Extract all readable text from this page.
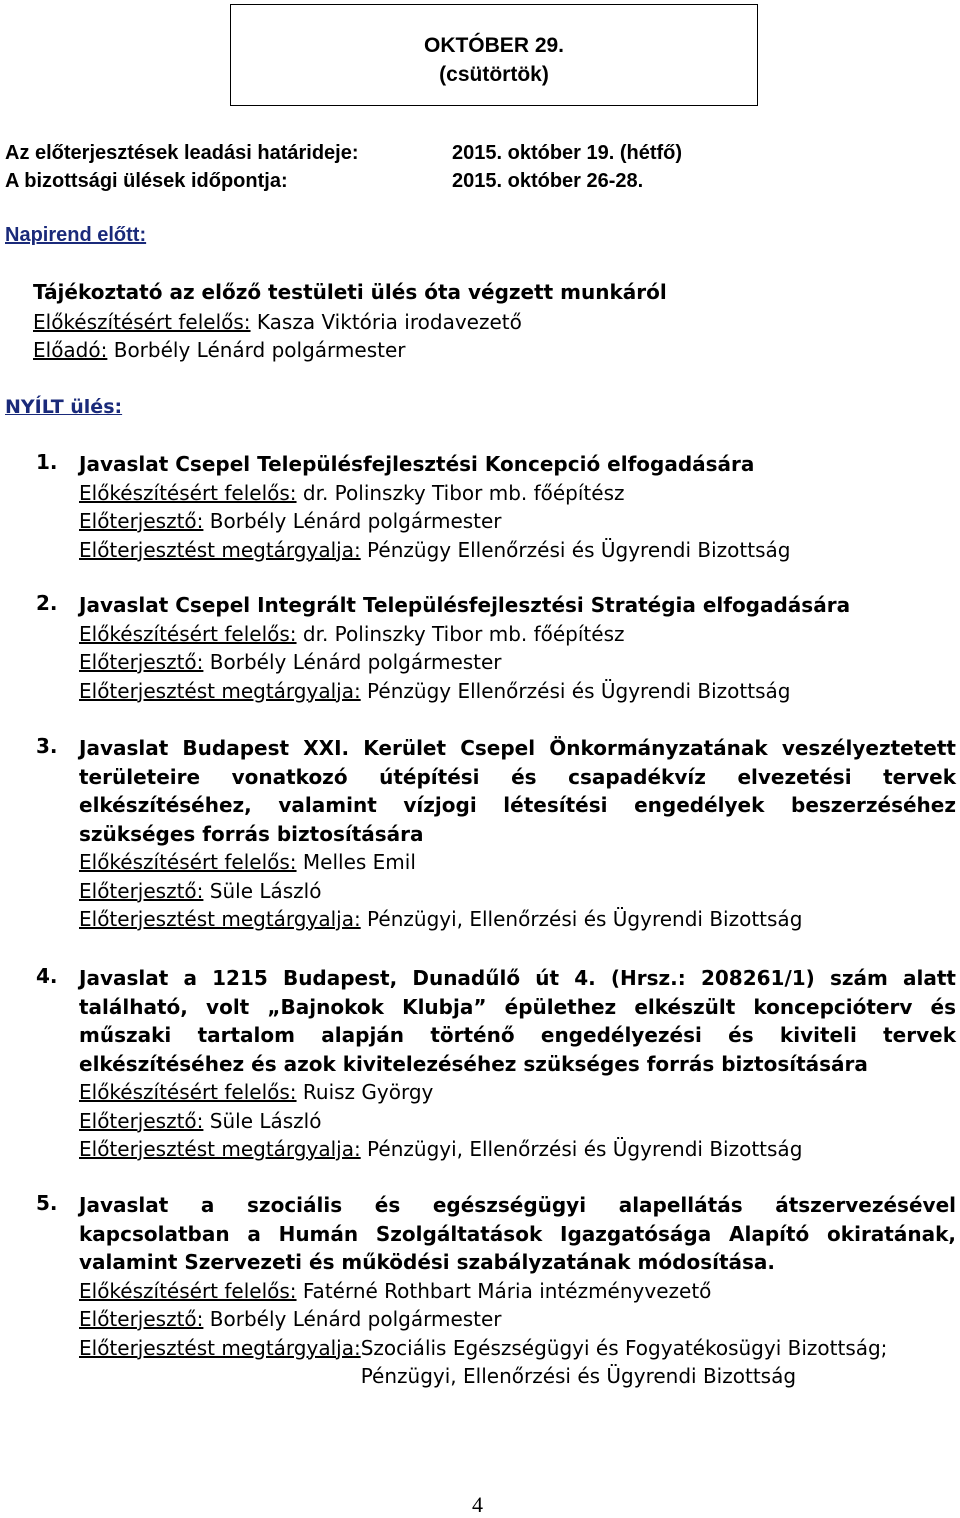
OKTÓBER 29.
(csütörtök)
Az előterjesztések leadási határideje:	2015. október 19. (hétfő)
A bizottsági ülések időpontja:	2015. október 26-28.
Napirend előtt:
Tájékoztató az előző testületi ülés óta végzett munkáról
Előkészítésért felelős: Kasza Viktória irodavezető
Előadó: Borbély Lénárd polgármester
NYÍLT ülés:
1. Javaslat Csepel Településfejlesztési Koncepció elfogadására
Előkészítésért felelős: dr. Polinszky Tibor mb. főépítész
Előterjesztő: Borbély Lénárd polgármester
Előterjesztést megtárgyalja: Pénzügy Ellenőrzési és Ügyrendi Bizottság
2. Javaslat Csepel Integrált Településfejlesztési Stratégia elfogadására
Előkészítésért felelős: dr. Polinszky Tibor mb. főépítész
Előterjesztő: Borbély Lénárd polgármester
Előterjesztést megtárgyalja: Pénzügy Ellenőrzési és Ügyrendi Bizottság
3. Javaslat Budapest XXI. Kerület Csepel Önkormányzatának veszélyeztetett területeire vonatkozó útépítési és csapadékvíz elvezetési tervek elkészítéséhez, valamint vízjogi létesítési engedélyek beszerzéséhez szükséges forrás biztosítására
Előkészítésért felelős: Melles Emil
Előterjesztő: Süle László
Előterjesztést megtárgyalja: Pénzügyi, Ellenőrzési és Ügyrendi Bizottság
4. Javaslat a 1215 Budapest, Dunadűlő út 4. (Hrsz.: 208261/1) szám alatt található, volt „Bajnokok Klubja” épülethez elkészült koncepcióterv és műszaki tartalom alapján történő engedélyezési és kiviteli tervek elkészítéséhez és azok kivitelezéséhez szükséges forrás biztosítására
Előkészítésért felelős: Ruisz György
Előterjesztő: Süle László
Előterjesztést megtárgyalja: Pénzügyi, Ellenőrzési és Ügyrendi Bizottság
5. Javaslat a szociális és egészségügyi alapellátás átszervezésével kapcsolatban a Humán Szolgáltatások Igazgatósága Alapító okiratának, valamint Szervezeti és működési szabályzatának módosítása.
Előkészítésért felelős: Fatérné Rothbart Mária intézményvezető
Előterjesztő: Borbély Lénárd polgármester
Előterjesztést megtárgyalja: Szociális Egészségügyi és Fogyatékosügyi Bizottság;
Pénzügyi, Ellenőrzési és Ügyrendi Bizottság
4
